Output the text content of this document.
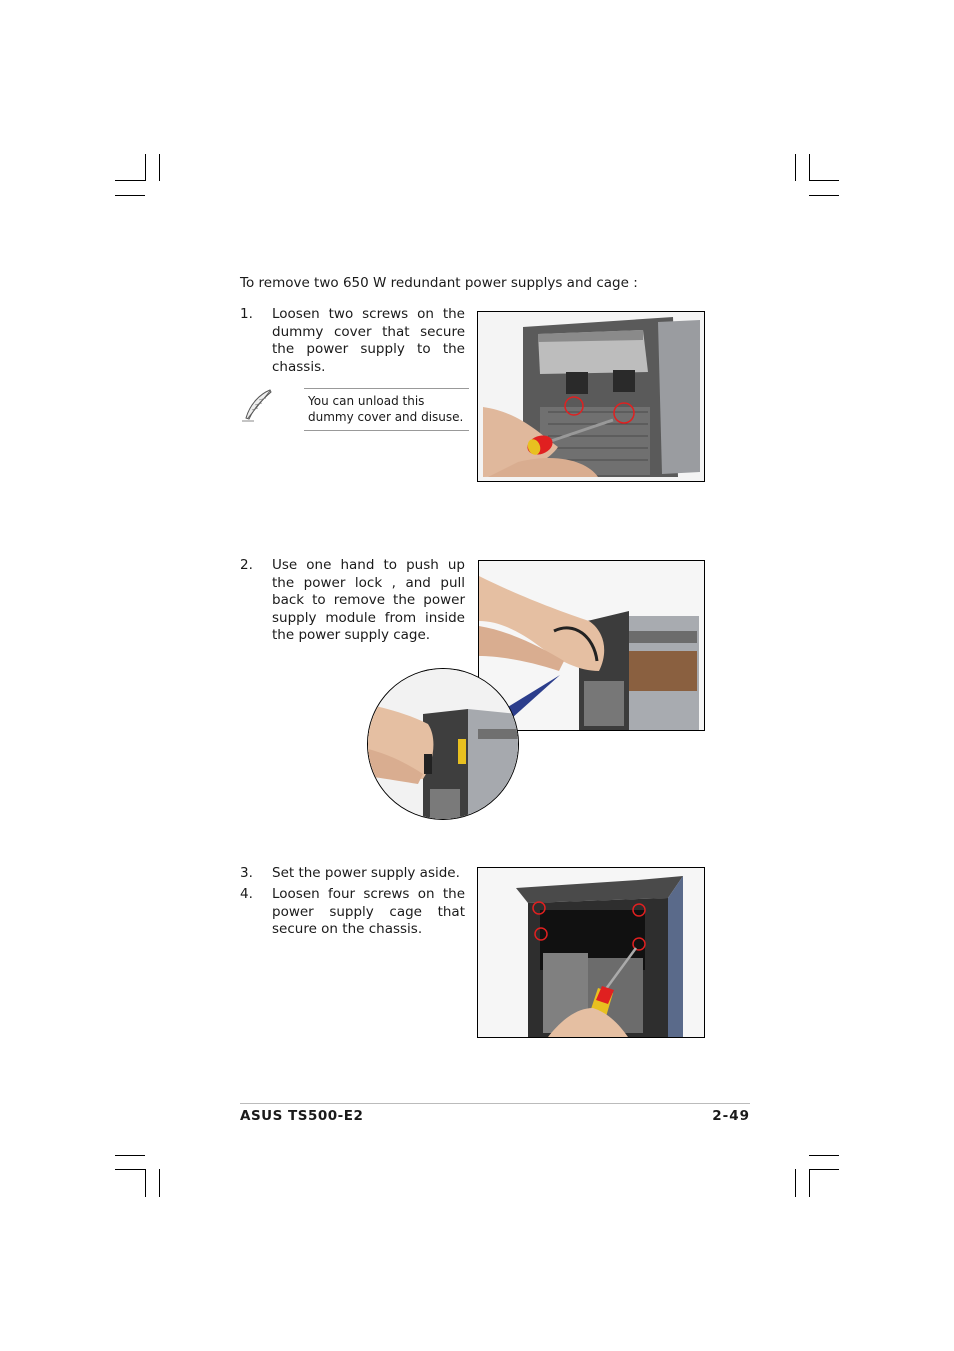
To remove two 650 W redundant power supplys and cage :
1. Loosen two screws on the dummy cover that secure the power supply to the chassis.
You can unload this dummy cover and disuse.
2. Use one hand to push up the power lock , and pull back to remove the power supply module from inside the power supply cage.
3. Set the power supply aside.
4. Loosen four screws on the power supply cage that secure on the chassis.
ASUS TS500-E2	2-49
